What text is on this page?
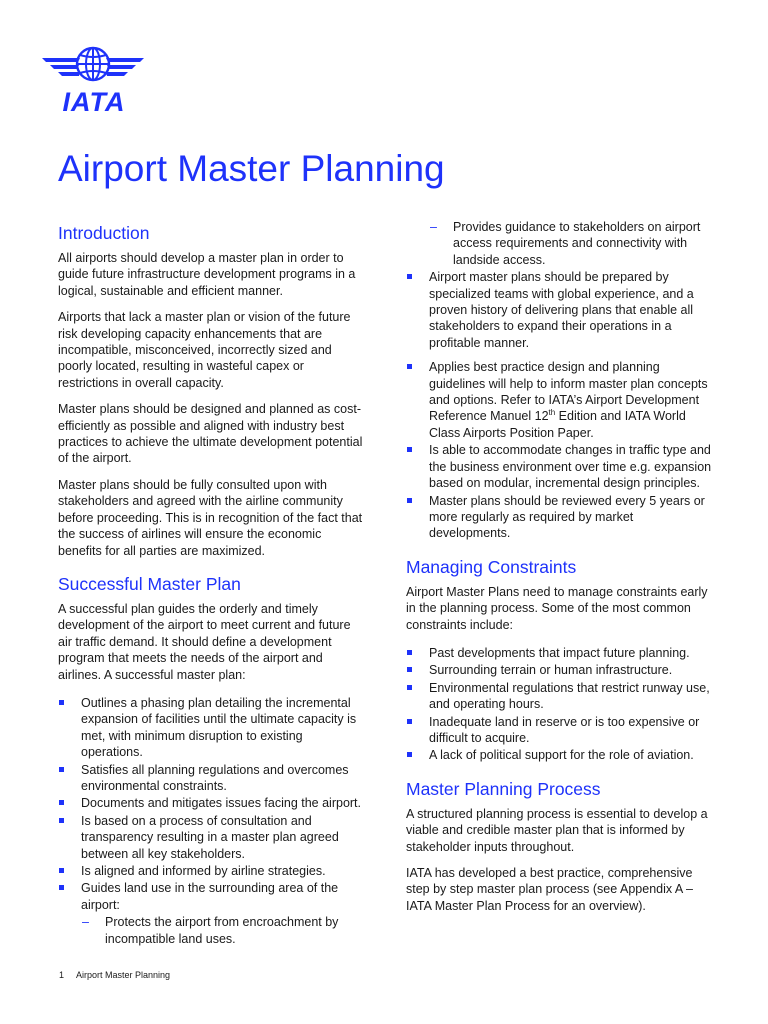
IATA
Airport Master Planning
Introduction

All airports should develop a master plan in order to guide future infrastructure development programs in a logical, sustainable and efficient manner.

Airports that lack a master plan or vision of the future risk developing capacity enhancements that are incompatible, misconceived, incorrectly sized and poorly located, resulting in wasteful capex or restrictions in overall capacity.

Master plans should be designed and planned as cost-efficiently as possible and aligned with industry best practices to achieve the ultimate development potential of the airport.

Master plans should be fully consulted upon with stakeholders and agreed with the airline community before proceeding. This is in recognition of the fact that the success of airlines will ensure the economic benefits for all parties are maximized.

Successful Master Plan

A successful plan guides the orderly and timely development of the airport to meet current and future air traffic demand. It should define a development program that meets the needs of the airport and airlines. A successful master plan:

Outlines a phasing plan detailing the incremental expansion of facilities until the ultimate capacity is met, with minimum disruption to existing operations.
Satisfies all planning regulations and overcomes environmental constraints.
Documents and mitigates issues facing the airport.
Is based on a process of consultation and transparency resulting in a master plan agreed between all key stakeholders.
Is aligned and informed by airline strategies.
Guides land use in the surrounding area of the airport:
– Protects the airport from encroachment by incompatible land uses.
– Provides guidance to stakeholders on airport access requirements and connectivity with landside access.
Airport master plans should be prepared by specialized teams with global experience, and a proven history of delivering plans that enable all stakeholders to expand their operations in a profitable manner.
Applies best practice design and planning guidelines will help to inform master plan concepts and options. Refer to IATA’s Airport Development Reference Manuel 12th Edition and IATA World Class Airports Position Paper.
Is able to accommodate changes in traffic type and the business environment over time e.g. expansion based on modular, incremental design principles.
Master plans should be reviewed every 5 years or more regularly as required by market developments.
Managing Constraints

Airport Master Plans need to manage constraints early in the planning process. Some of the most common constraints include:

Past developments that impact future planning.
Surrounding terrain or human infrastructure.
Environmental regulations that restrict runway use, and operating hours.
Inadequate land in reserve or is too expensive or difficult to acquire.
A lack of political support for the role of aviation.
Master Planning Process

A structured planning process is essential to develop a viable and credible master plan that is informed by stakeholder inputs throughout.

IATA has developed a best practice, comprehensive step by step master plan process (see Appendix A – IATA Master Plan Process for an overview).

1 Airport Master Planning
